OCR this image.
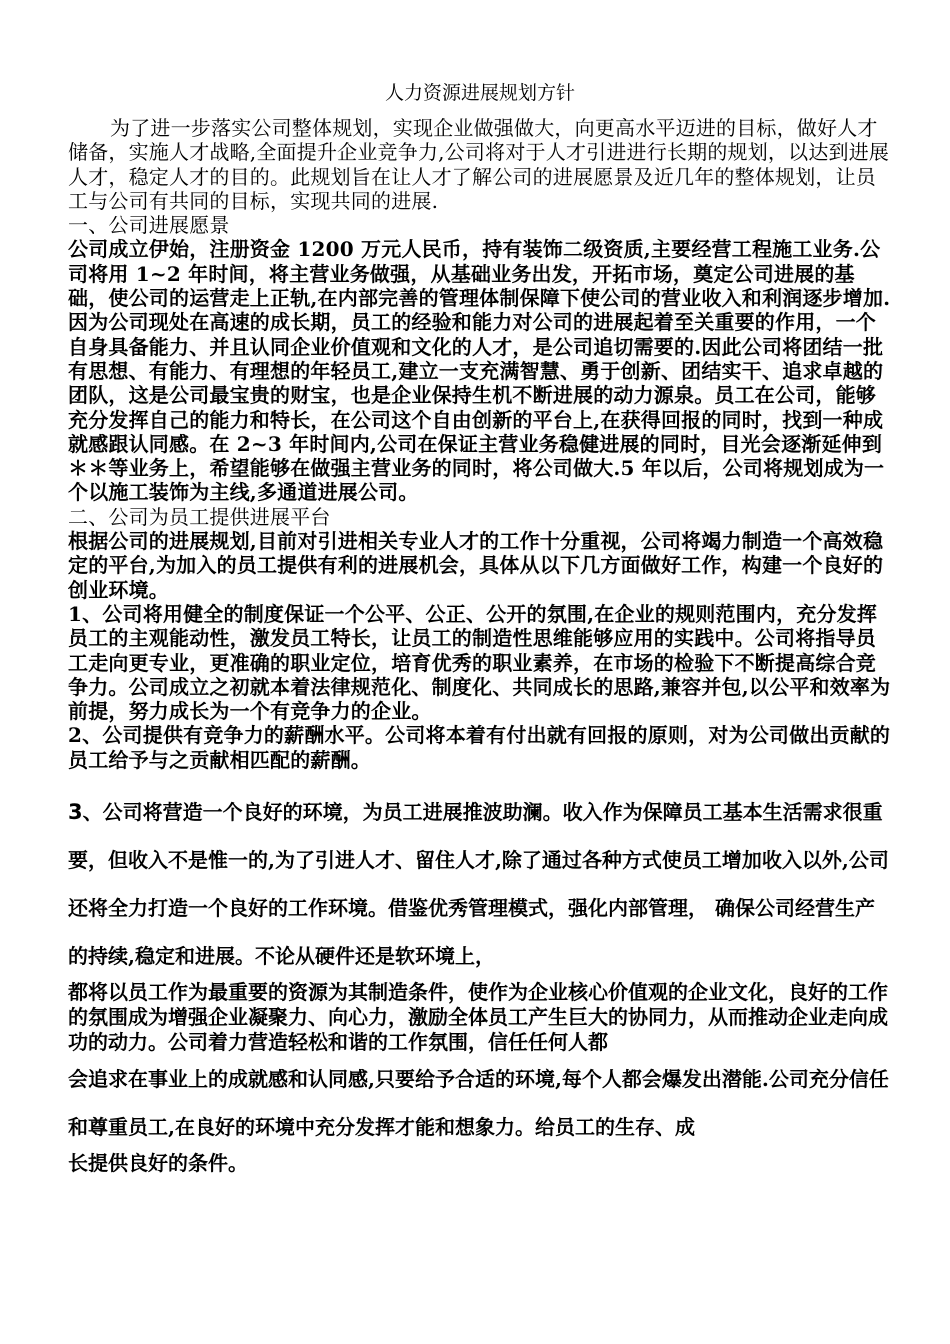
人力资源进展规划方针

为了进一步落实公司整体规划，实现企业做强做大，向更高水平迈进的目标，做好人才储备，实施人才战略,全面提升企业竞争力,公司将对于人才引进进行长期的规划，以达到进展人才，稳定人才的目的。此规划旨在让人才了解公司的进展愿景及近几年的整体规划，让员工与公司有共同的目标，实现共同的进展.

一、公司进展愿景

公司成立伊始，注册资金 1200 万元人民币，持有装饰二级资质,主要经营工程施工业务.公司将用 1~2 年时间，将主营业务做强，从基础业务出发，开拓市场，奠定公司进展的基础，使公司的运营走上正轨,在内部完善的管理体制保障下使公司的营业收入和利润逐步增加.因为公司现处在高速的成长期，员工的经验和能力对公司的进展起着至关重要的作用，一个自身具备能力、并且认同企业价值观和文化的人才，是公司追切需要的.因此公司将团结一批有思想、有能力、有理想的年轻员工,建立一支充满智慧、勇于创新、团结实干、追求卓越的团队，这是公司最宝贵的财宝，也是企业保持生机不断进展的动力源泉。员工在公司，能够充分发挥自己的能力和特长，在公司这个自由创新的平台上,在获得回报的同时，找到一种成就感跟认同感。在 2~3 年时间内,公司在保证主营业务稳健进展的同时，目光会逐渐延伸到＊＊等业务上，希望能够在做强主营业务的同时，将公司做大.5 年以后，公司将规划成为一个以施工装饰为主线,多通道进展公司。

二、公司为员工提供进展平台

根据公司的进展规划,目前对引进相关专业人才的工作十分重视，公司将竭力制造一个高效稳定的平台,为加入的员工提供有利的进展机会，具体从以下几方面做好工作，构建一个良好的创业环境。

1、公司将用健全的制度保证一个公平、公正、公开的氛围,在企业的规则范围内，充分发挥员工的主观能动性，激发员工特长，让员工的制造性思维能够应用的实践中。公司将指导员工走向更专业，更准确的职业定位，培育优秀的职业素养，在市场的检验下不断提高综合竞争力。公司成立之初就本着法律规范化、制度化、共同成长的思路,兼容并包,以公平和效率为前提，努力成长为一个有竞争力的企业。

2、公司提供有竞争力的薪酬水平。公司将本着有付出就有回报的原则，对为公司做出贡献的员工给予与之贡献相匹配的薪酬。

3、公司将营造一个良好的环境，为员工进展推波助澜。收入作为保障员工基本生活需求很重要，但收入不是惟一的,为了引进人才、留住人才,除了通过各种方式使员工增加收入以外,公司还将全力打造一个良好的工作环境。借鉴优秀管理模式，强化内部管理， 确保公司经营生产的持续,稳定和进展。不论从硬件还是软环境上，

都将以员工作为最重要的资源为其制造条件，使作为企业核心价值观的企业文化，良好的工作的氛围成为增强企业凝聚力、向心力，激励全体员工产生巨大的协同力，从而推动企业走向成功的动力。公司着力营造轻松和谐的工作氛围，信任任何人都

会追求在事业上的成就感和认同感,只要给予合适的环境,每个人都会爆发出潜能.公司充分信任和尊重员工,在良好的环境中充分发挥才能和想象力。给员工的生存、成

长提供良好的条件。
